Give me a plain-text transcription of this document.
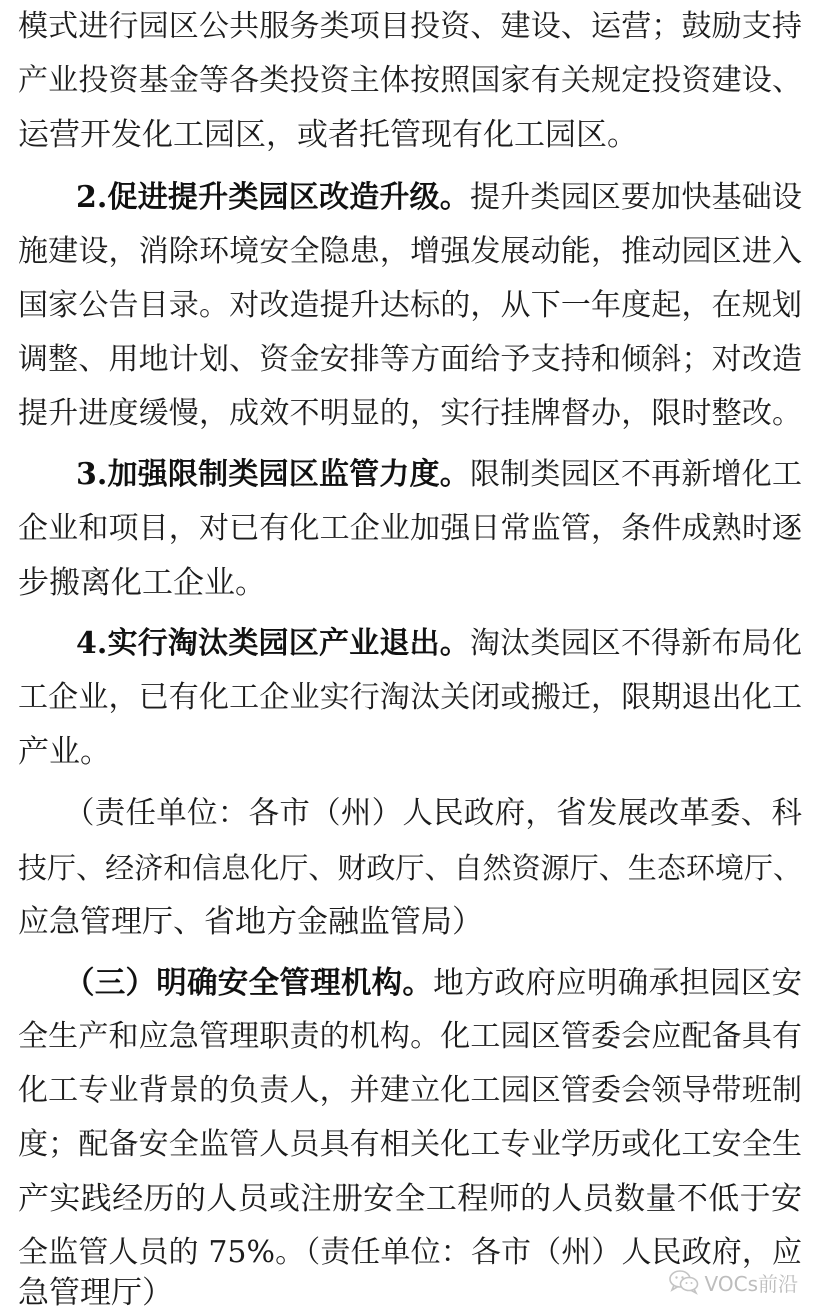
模式进行园区公共服务类项目投资、建设、运营；鼓励支持
产业投资基金等各类投资主体按照国家有关规定投资建设、
运营开发化工园区，或者托管现有化工园区。
2.促进提升类园区改造升级。提升类园区要加快基础设
施建设，消除环境安全隐患，增强发展动能，推动园区进入
国家公告目录。对改造提升达标的，从下一年度起，在规划
调整、用地计划、资金安排等方面给予支持和倾斜；对改造
提升进度缓慢，成效不明显的，实行挂牌督办，限时整改。
3.加强限制类园区监管力度。限制类园区不再新增化工
企业和项目，对已有化工企业加强日常监管，条件成熟时逐
步搬离化工企业。
4.实行淘汰类园区产业退出。淘汰类园区不得新布局化
工企业，已有化工企业实行淘汰关闭或搬迁，限期退出化工
产业。
（责任单位：各市（州）人民政府，省发展改革委、科
技厅、经济和信息化厅、财政厅、自然资源厅、生态环境厅、
应急管理厅、省地方金融监管局）
（三）明确安全管理机构。地方政府应明确承担园区安
全生产和应急管理职责的机构。化工园区管委会应配备具有
化工专业背景的负责人，并建立化工园区管委会领导带班制
度；配备安全监管人员具有相关化工专业学历或化工安全生
产实践经历的人员或注册安全工程师的人员数量不低于安
全监管人员的 75%。（责任单位：各市（州）人民政府，应
急管理厅）	VOCs前沿
